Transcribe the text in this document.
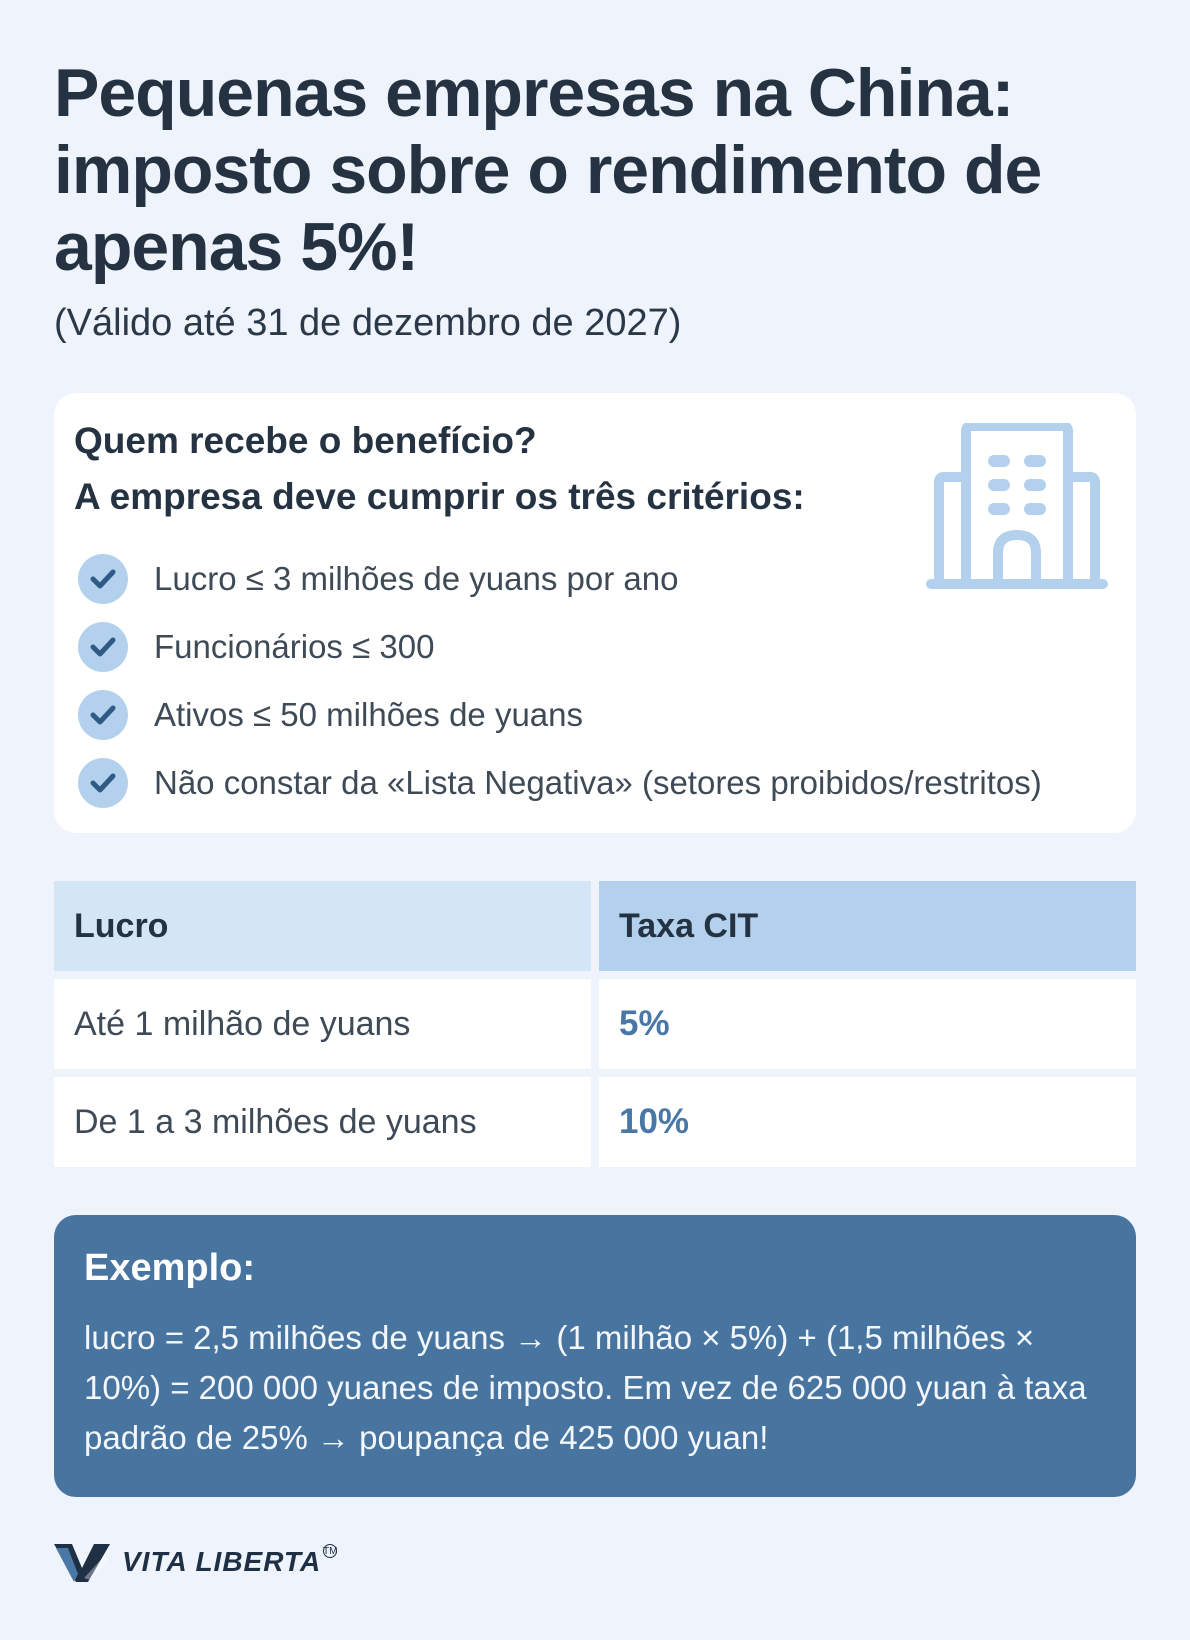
Pequenas empresas na China:
imposto sobre o rendimento de
apenas 5%!
(Válido até 31 de dezembro de 2027)
Quem recebe o benefício?
A empresa deve cumprir os três critérios:
Lucro ≤ 3 milhões de yuans por ano
Funcionários ≤ 300
Ativos ≤ 50 milhões de yuans
Não constar da «Lista Negativa» (setores proibidos/restritos)
Lucro	Taxa CIT
Até 1 milhão de yuans	5%
De 1 a 3 milhões de yuans	10%
Exemplo:

lucro = 2,5 milhões de yuans → (1 milhão × 5%) + (1,5 milhões × 10%) = 200 000 yuanes de imposto. Em vez de 625 000 yuan à taxa padrão de 25% → poupança de 425 000 yuan!

VITA LIBERTA TM
